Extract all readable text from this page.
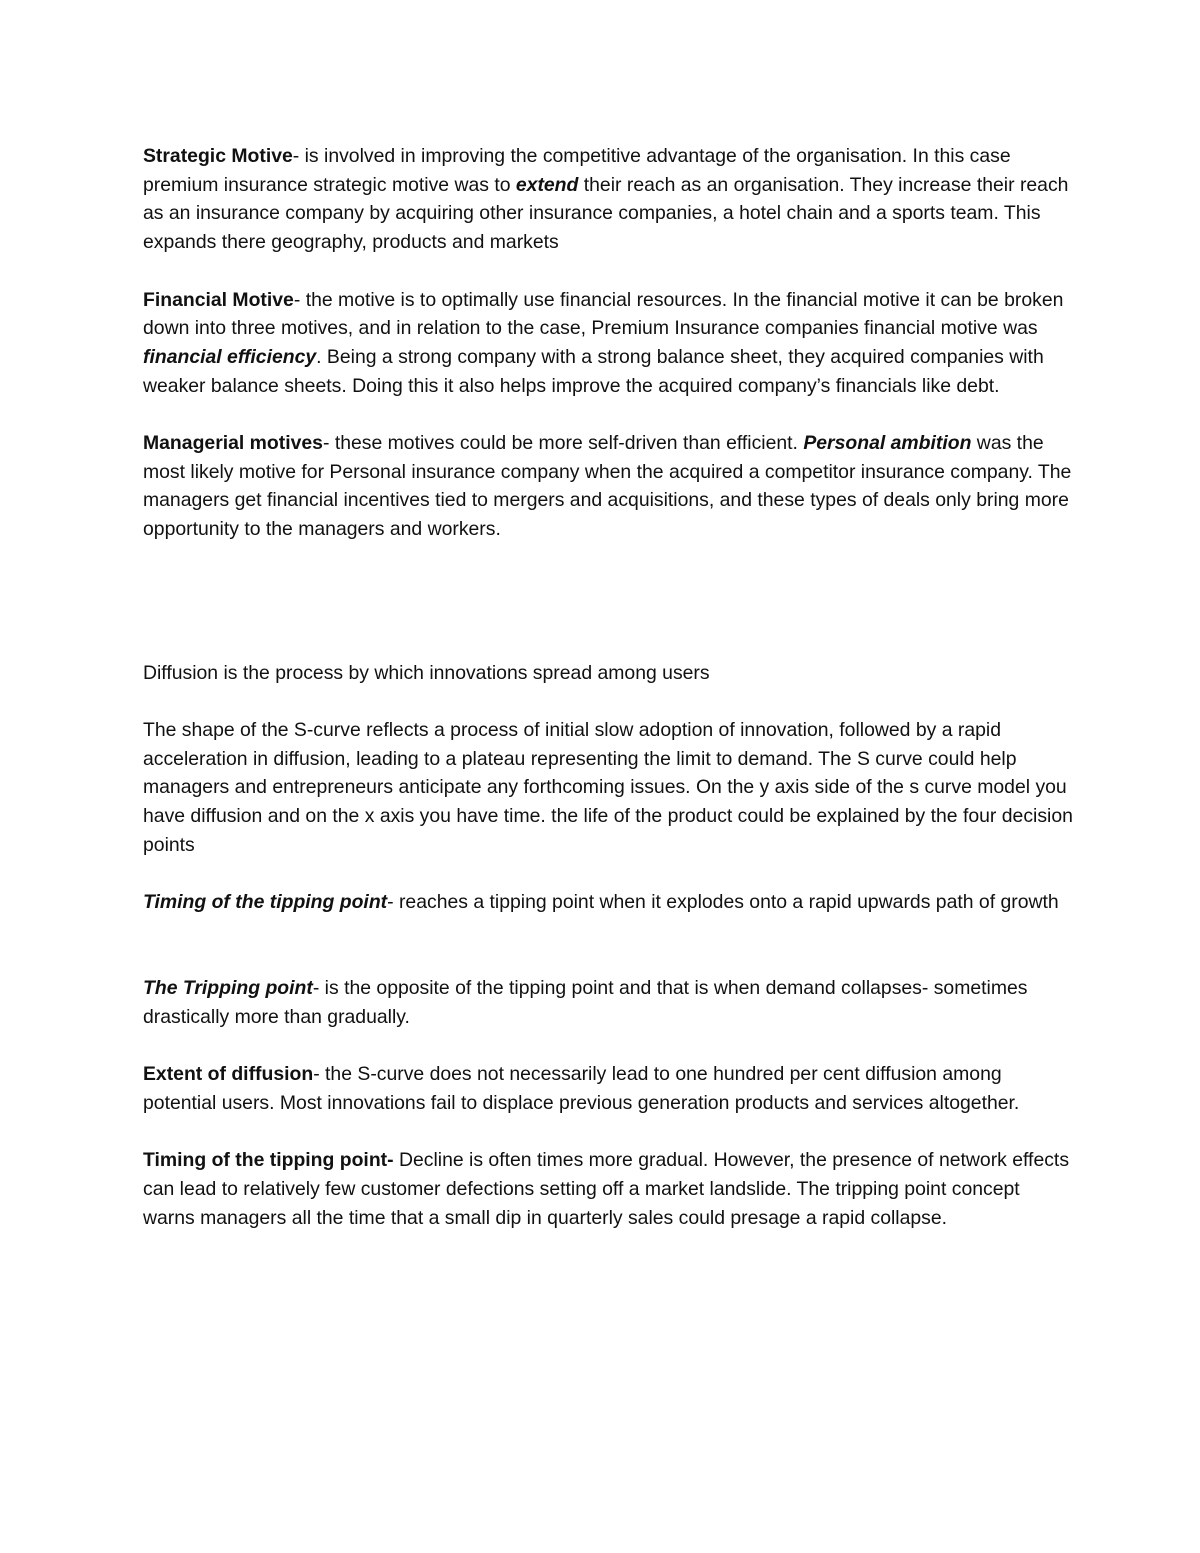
Strategic Motive- is involved in improving the competitive advantage of the organisation. In this case premium insurance strategic motive was to extend their reach as an organisation. They increase their reach as an insurance company by acquiring other insurance companies, a hotel chain and a sports team. This expands there geography, products and markets

Financial Motive- the motive is to optimally use financial resources. In the financial motive it can be broken down into three motives, and in relation to the case, Premium Insurance companies financial motive was financial efficiency. Being a strong company with a strong balance sheet, they acquired companies with weaker balance sheets. Doing this it also helps improve the acquired company’s financials like debt.

Managerial motives- these motives could be more self-driven than efficient. Personal ambition was the most likely motive for Personal insurance company when the acquired a competitor insurance company. The managers get financial incentives tied to mergers and acquisitions, and these types of deals only bring more opportunity to the managers and workers.

Diffusion is the process by which innovations spread among users

The shape of the S-curve reflects a process of initial slow adoption of innovation, followed by a rapid acceleration in diffusion, leading to a plateau representing the limit to demand. The S curve could help managers and entrepreneurs anticipate any forthcoming issues. On the y axis side of the s curve model you have diffusion and on the x axis you have time. the life of the product could be explained by the four decision points

Timing of the tipping point- reaches a tipping point when it explodes onto a rapid upwards path of growth

The Tripping point- is the opposite of the tipping point and that is when demand collapses- sometimes drastically more than gradually.

Extent of diffusion- the S-curve does not necessarily lead to one hundred per cent diffusion among potential users. Most innovations fail to displace previous generation products and services altogether.

Timing of the tipping point- Decline is often times more gradual. However, the presence of network effects can lead to relatively few customer defections setting off a market landslide. The tripping point concept warns managers all the time that a small dip in quarterly sales could presage a rapid collapse.
